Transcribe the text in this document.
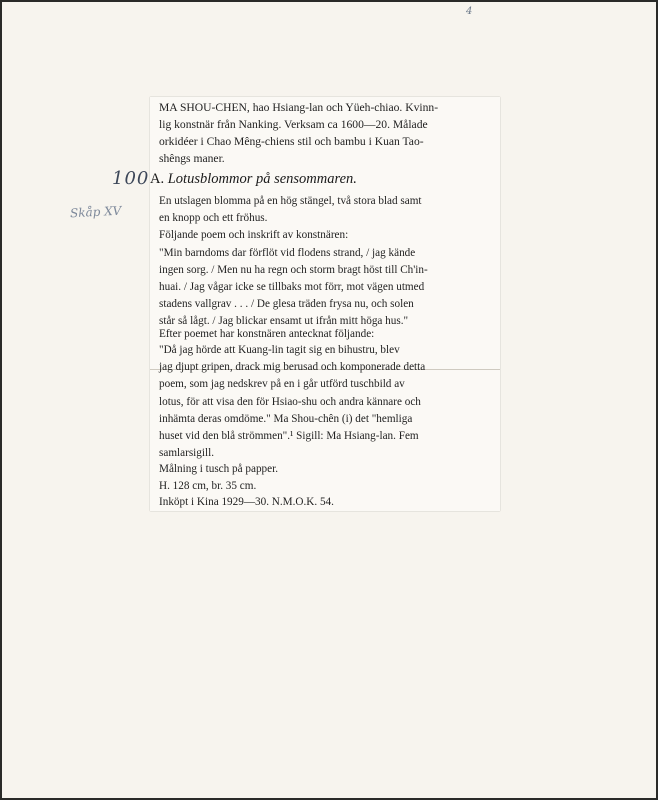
4
100
Skåp XV
MA SHOU-CHEN, hao Hsiang-lan och Yüeh-chiao. Kvinn-
lig konstnär från Nanking. Verksam ca 1600—20. Målade
orkidéer i Chao Mêng-chiens stil och bambu i Kuan Tao-
shêngs maner.
A. Lotusblommor på sensommaren.
En utslagen blomma på en hög stängel, två stora blad samt
en knopp och ett fröhus.
Följande poem och inskrift av konstnären:
"Min barndoms dar förflöt vid flodens strand, / jag kände
ingen sorg. / Men nu ha regn och storm bragt höst till Ch'in-
huai. / Jag vågar icke se tillbaks mot förr, mot vägen utmed
stadens vallgrav . . . / De glesa träden frysa nu, och solen
står så lågt. / Jag blickar ensamt ut ifrån mitt höga hus."
Efter poemet har konstnären antecknat följande:
"Då jag hörde att Kuang-lin tagit sig en bihustru, blev
jag djupt gripen, drack mig berusad och komponerade detta
poem, som jag nedskrev på en i går utförd tuschbild av
lotus, för att visa den för Hsiao-shu och andra kännare och
inhämta deras omdöme." Ma Shou-chên (i) det "hemliga
huset vid den blå strömmen".¹ Sigill: Ma Hsiang-lan. Fem
samlarsigill.
Målning i tusch på papper.
H. 128 cm, br. 35 cm.
Inköpt i Kina 1929—30. N.M.O.K. 54.
